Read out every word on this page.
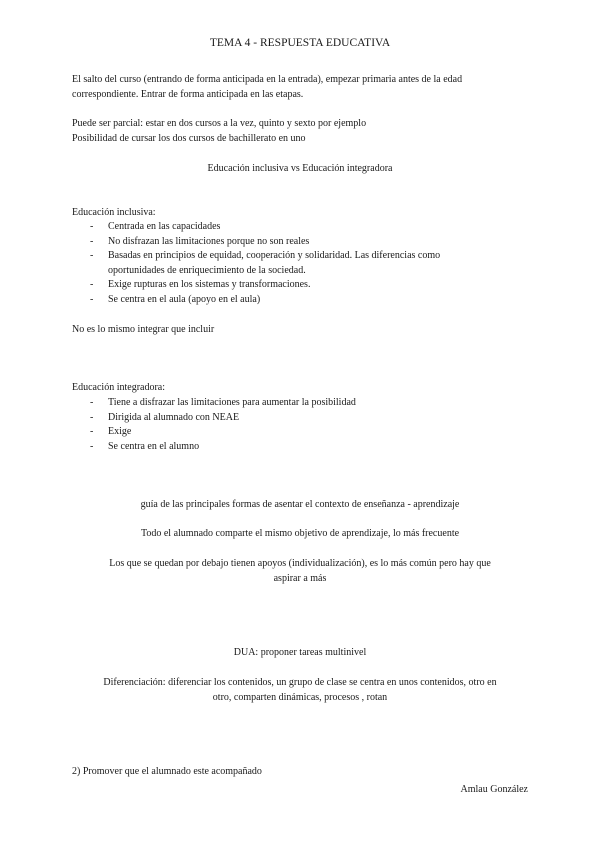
TEMA 4 - RESPUESTA EDUCATIVA
El salto del curso (entrando de forma anticipada en la entrada), empezar primaria antes de la edad
correspondiente. Entrar de forma anticipada en las etapas.
Puede ser parcial: estar en dos cursos a la vez, quinto y sexto por ejemplo
Posibilidad de cursar los dos cursos de bachillerato en uno
Educación inclusiva vs Educación integradora
Educación inclusiva:
- Centrada en las capacidades
- No disfrazan las limitaciones porque no son reales
- Basadas en principios de equidad, cooperación y solidaridad. Las diferencias como oportunidades de enriquecimiento de la sociedad.
- Exige rupturas en los sistemas y transformaciones.
- Se centra en el aula (apoyo en el aula)
No es lo mismo integrar que incluir
Educación integradora:
- Tiene a disfrazar las limitaciones para aumentar la posibilidad
- Dirigida al alumnado con NEAE
- Exige
- Se centra en el alumno
guía de las principales formas de asentar el contexto de enseñanza - aprendizaje
Todo el alumnado comparte el mismo objetivo de aprendizaje, lo más frecuente
Los que se quedan por debajo tienen apoyos (individualización), es lo más común pero hay que
aspirar a más
DUA: proponer tareas multinivel
Diferenciación: diferenciar los contenidos, un grupo de clase se centra en unos contenidos, otro en
otro, comparten dinámicas, procesos , rotan
2) Promover que el alumnado este acompañado
Amlau González
